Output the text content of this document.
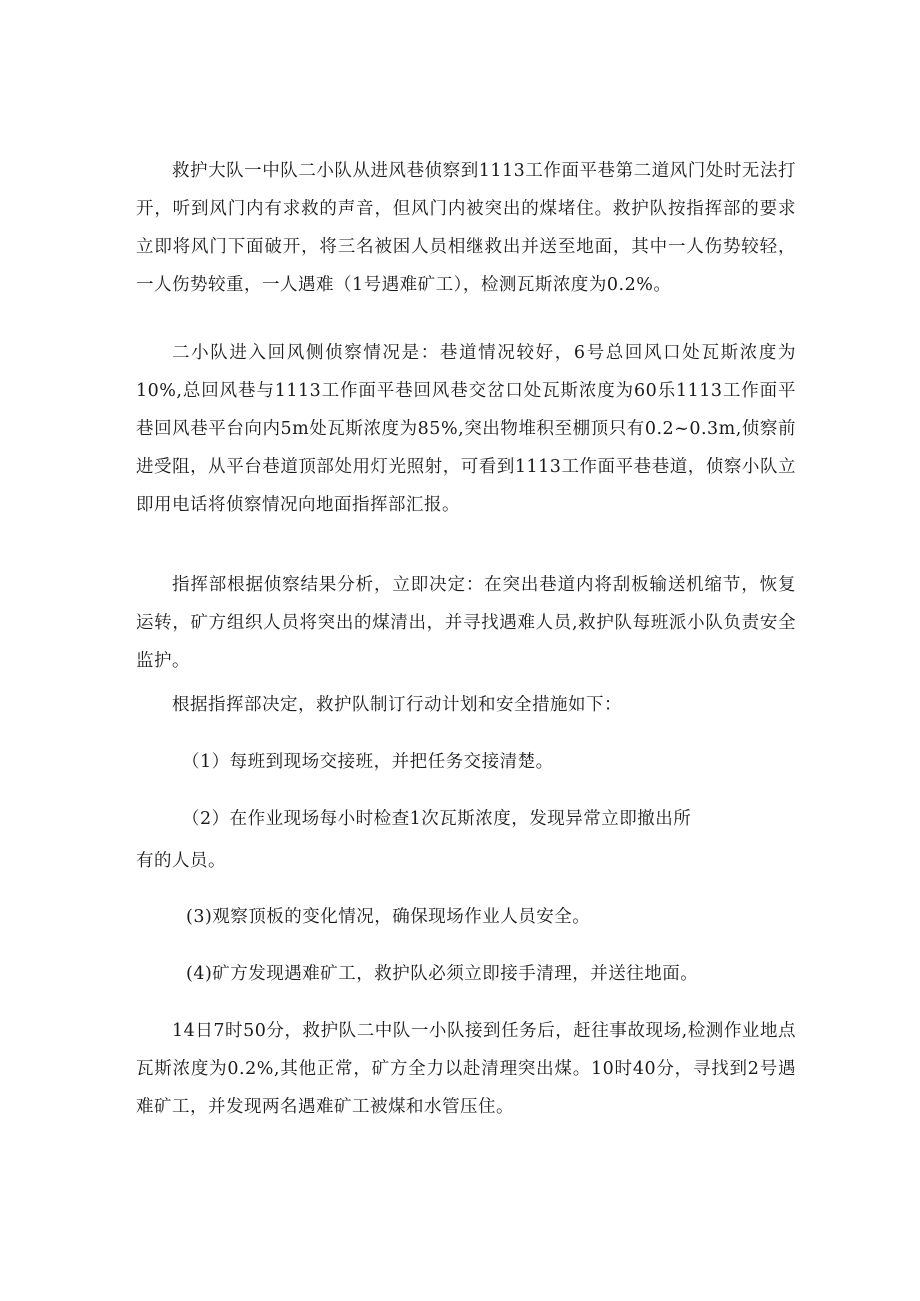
救护大队一中队二小队从进风巷侦察到1113工作面平巷第二道风门处时无法打开，听到风门内有求救的声音，但风门内被突出的煤堵住。救护队按指挥部的要求立即将风门下面破开，将三名被困人员相继救出并送至地面，其中一人伤势较轻，一人伤势较重，一人遇难（1号遇难矿工），检测瓦斯浓度为0.2%。

二小队进入回风侧侦察情况是：巷道情况较好，6号总回风口处瓦斯浓度为10%,总回风巷与1113工作面平巷回风巷交岔口处瓦斯浓度为60乐1113工作面平巷回风巷平台向内5m处瓦斯浓度为85%,突出物堆积至棚顶只有0.2~0.3m,侦察前进受阻，从平台巷道顶部处用灯光照射，可看到1113工作面平巷巷道，侦察小队立即用电话将侦察情况向地面指挥部汇报。

指挥部根据侦察结果分析，立即决定：在突出巷道内将刮板输送机缩节，恢复运转，矿方组织人员将突出的煤清出，并寻找遇难人员,救护队每班派小队负责安全监护。

根据指挥部决定，救护队制订行动计划和安全措施如下：

（1）每班到现场交接班，并把任务交接清楚。

（2）在作业现场每小时检查1次瓦斯浓度，发现异常立即撤出所

有的人员。

(3)观察顶板的变化情况，确保现场作业人员安全。

(4)矿方发现遇难矿工，救护队必须立即接手清理，并送往地面。

14日7时50分，救护队二中队一小队接到任务后，赶往事故现场,检测作业地点瓦斯浓度为0.2%,其他正常，矿方全力以赴清理突出煤。10时40分，寻找到2号遇难矿工，并发现两名遇难矿工被煤和水管压住。
